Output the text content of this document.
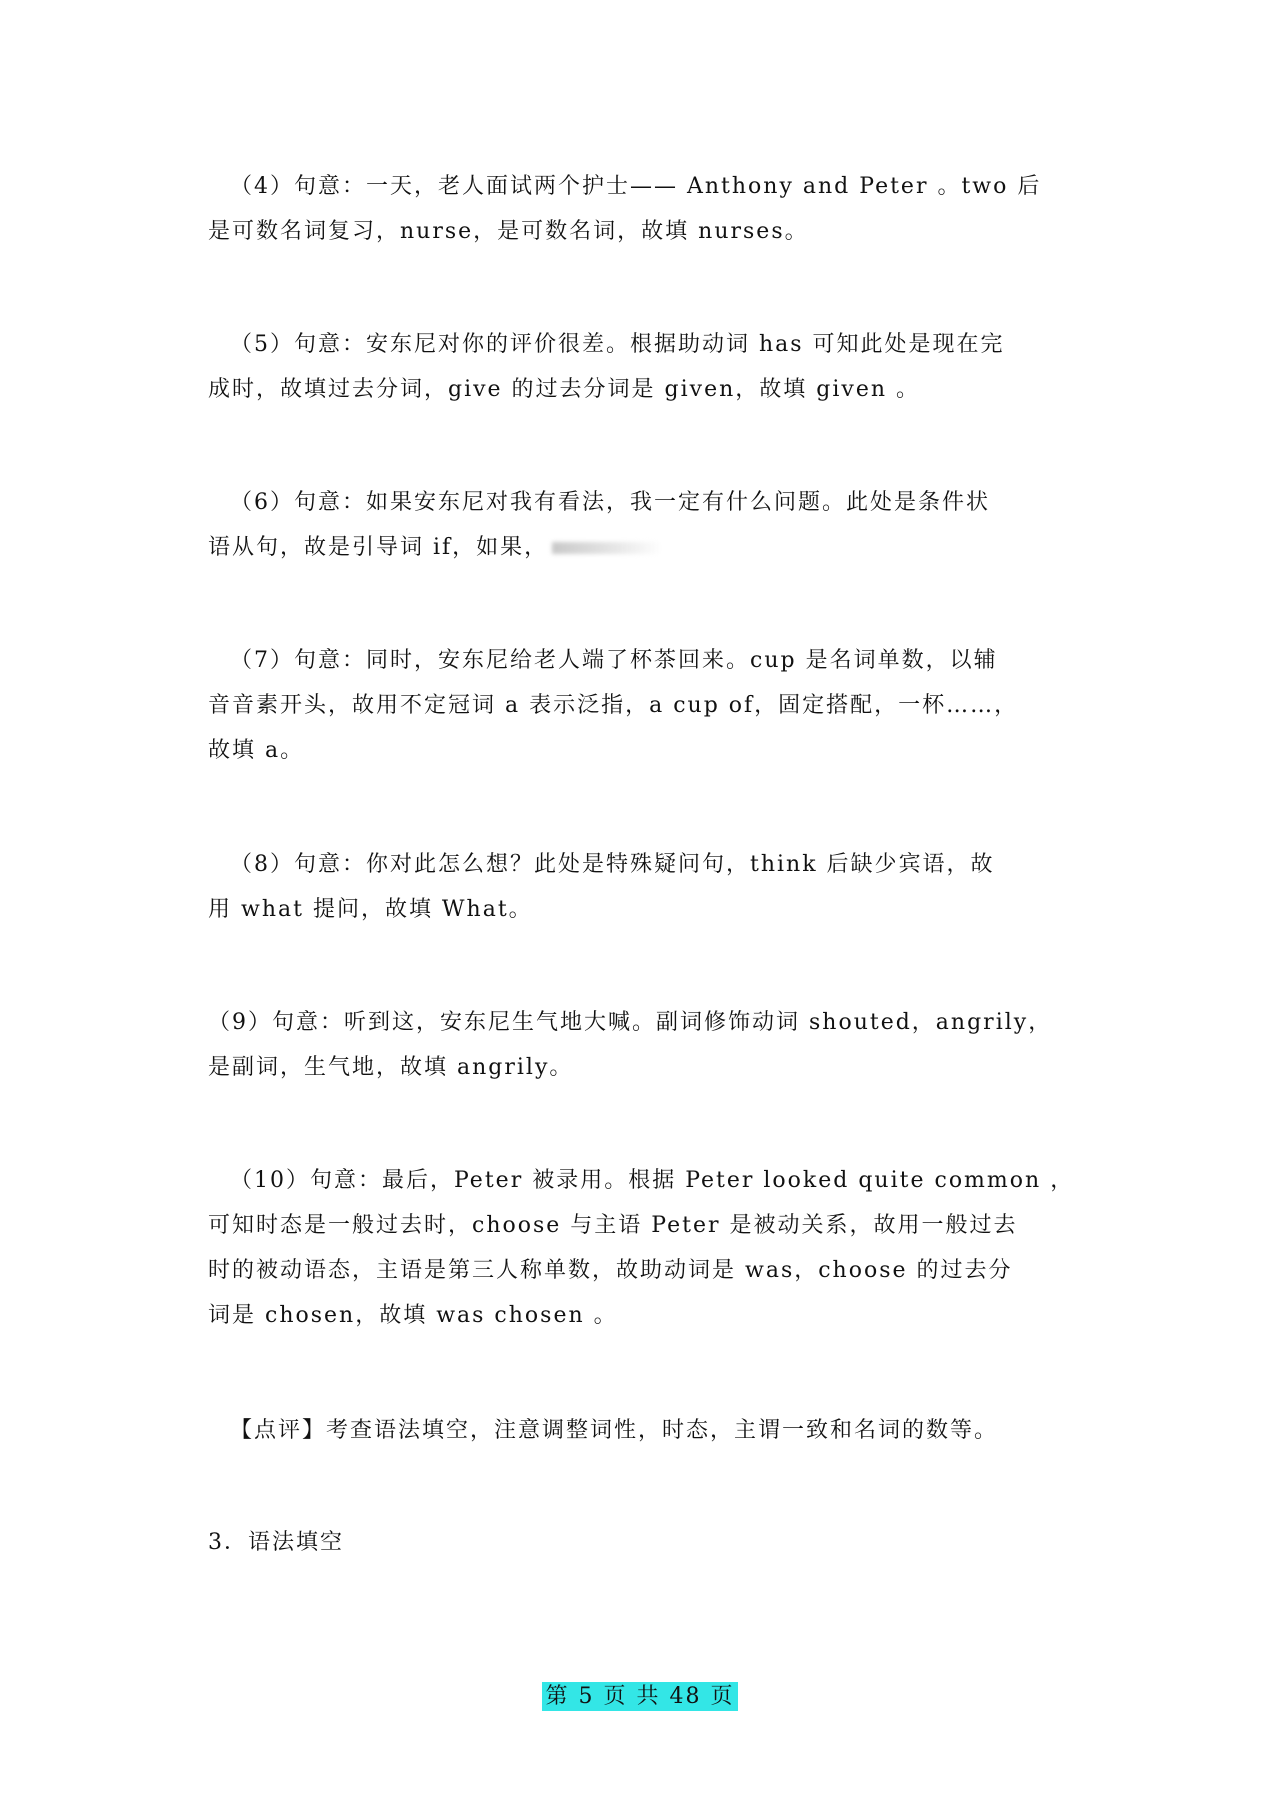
（4）句意：一天，老人面试两个护士—— Anthony and Peter 。two 后
是可数名词复习，nurse，是可数名词，故填 nurses。
（5）句意：安东尼对你的评价很差。根据助动词 has 可知此处是现在完
成时，故填过去分词，give 的过去分词是 given，故填 given 。
（6）句意：如果安东尼对我有看法，我一定有什么问题。此处是条件状
语从句，故是引导词 if，如果，
（7）句意：同时，安东尼给老人端了杯茶回来。cup 是名词单数，以辅
音音素开头，故用不定冠词 a 表示泛指，a cup of，固定搭配，一杯……，
故填 a。
（8）句意：你对此怎么想？此处是特殊疑问句，think 后缺少宾语，故
用 what 提问，故填 What。
（9）句意：听到这，安东尼生气地大喊。副词修饰动词 shouted，angrily，
是副词，生气地，故填 angrily。
（10）句意：最后，Peter 被录用。根据 Peter looked quite common ，
可知时态是一般过去时，choose 与主语 Peter 是被动关系，故用一般过去
时的被动语态，主语是第三人称单数，故助动词是 was，choose 的过去分
词是 chosen，故填 was chosen 。
【点评】考查语法填空，注意调整词性，时态，主谓一致和名词的数等。
3．语法填空
第 5 页 共 48 页
